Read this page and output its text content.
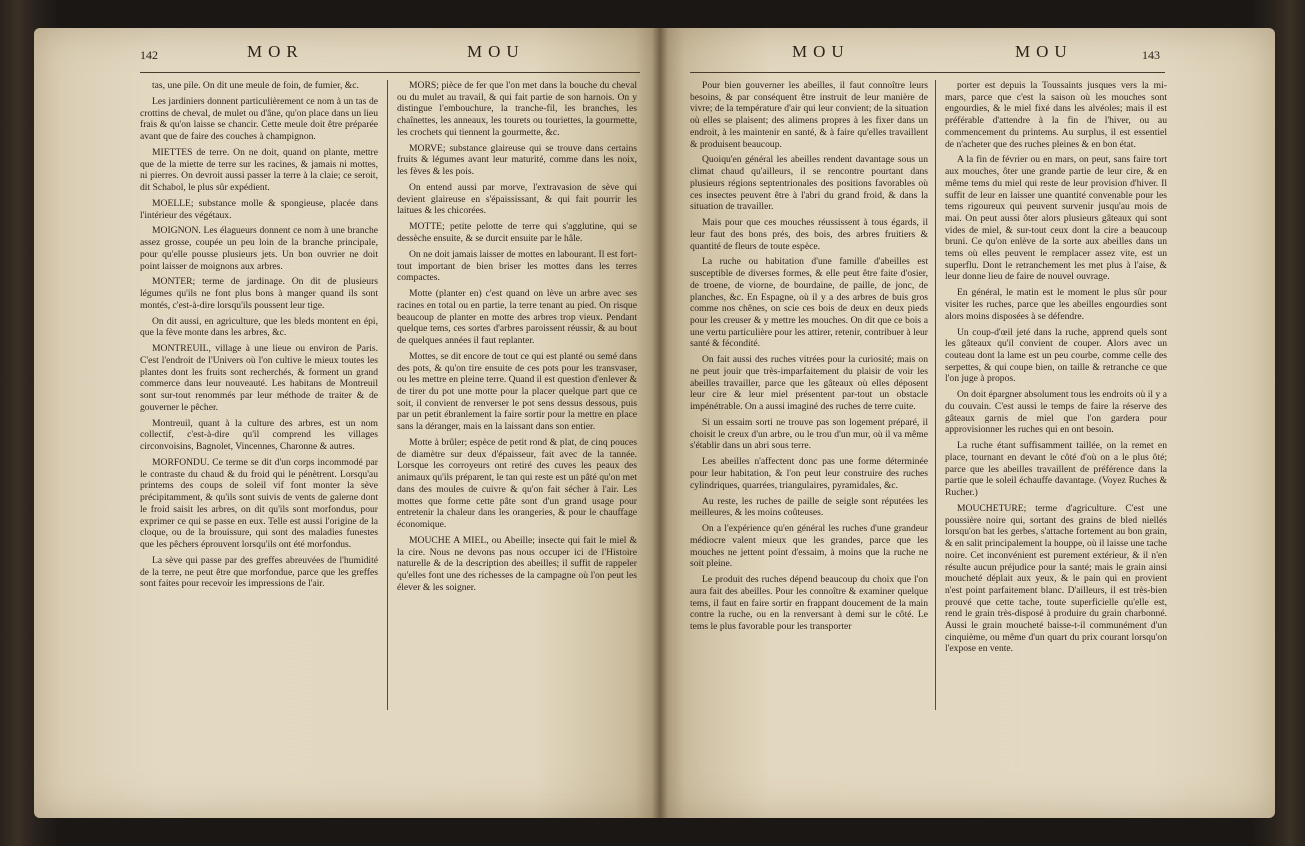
142	MOR	MOU	MOU	MOU	143

tas, une pile. On dit une meule de foin, de fumier, &c.

Les jardiniers donnent particulièrement ce nom à un tas de crottins de cheval, de mulet ou d'âne, qu'on place dans un lieu frais & qu'on laisse se chancir. Cette meule doit être préparée avant que de faire des couches à champignon.

MIETTES de terre. On ne doit, quand on plante, mettre que de la miette de terre sur les racines, & jamais ni mottes, ni pierres. On devroit aussi passer la terre à la claie; ce seroit, dit Schabol, le plus sûr expédient.

MOELLE; substance molle & spongieuse, placée dans l'intérieur des végétaux.

MOIGNON. Les élagueurs donnent ce nom à une branche assez grosse, coupée un peu loin de la branche principale, pour qu'elle pousse plusieurs jets. Un bon ouvrier ne doit point laisser de moignons aux arbres.

MONTER; terme de jardinage. On dit de plusieurs légumes qu'ils ne font plus bons à manger quand ils sont montés, c'est-à-dire lorsqu'ils poussent leur tige.

On dit aussi, en agriculture, que les bleds montent en épi, que la fève monte dans les arbres, &c.

MONTREUIL, village à une lieue ou environ de Paris. C'est l'endroit de l'Univers où l'on cultive le mieux toutes les plantes dont les fruits sont recherchés, & forment un grand commerce dans leur nouveauté. Les habitans de Montreuil sont sur-tout renommés par leur méthode de traiter & de gouverner le pêcher.

Montreuil, quant à la culture des arbres, est un nom collectif, c'est-à-dire qu'il comprend les villages circonvoisins, Bagnolet, Vincennes, Charonne & autres.

MORFONDU. Ce terme se dit d'un corps incommodé par le contraste du chaud & du froid qui le pénètrent. Lorsqu'au printems des coups de soleil vif font monter la sève précipitamment, & qu'ils sont suivis de vents de galerne dont le froid saisit les arbres, on dit qu'ils sont morfondus, pour exprimer ce qui se passe en eux. Telle est aussi l'origine de la cloque, ou de la brouissure, qui sont des maladies funestes que les pêchers éprouvent lorsqu'ils ont été morfondus.

La sève qui passe par des greffes abreuvées de l'humidité de la terre, ne peut être que morfondue, parce que les greffes sont faites pour recevoir les impressions de l'air.

MORS; pièce de fer que l'on met dans la bouche du cheval ou du mulet au travail, & qui fait partie de son harnois. On y distingue l'embouchure, la tranche-fil, les branches, les chaînettes, les anneaux, les tourets ou touriettes, la gourmette, les crochets qui tiennent la gourmette, &c.

MORVE; substance glaireuse qui se trouve dans certains fruits & légumes avant leur maturité, comme dans les noix, les fèves & les pois.

On entend aussi par morve, l'extravasion de sève qui devient glaireuse en s'épaississant, & qui fait pourrir les laitues & les chicorées.

MOTTE; petite pelotte de terre qui s'agglutine, qui se dessèche ensuite, & se durcit ensuite par le hâle.

On ne doit jamais laisser de mottes en labourant. Il est fort-tout important de bien briser les mottes dans les terres compactes.

Motte (planter en) c'est quand on lève un arbre avec ses racines en total ou en partie, la terre tenant au pied. On risque beaucoup de planter en motte des arbres trop vieux. Pendant quelque tems, ces sortes d'arbres paroissent réussir, & au bout de quelques années il faut replanter.

Mottes, se dit encore de tout ce qui est planté ou semé dans des pots, & qu'on tire ensuite de ces pots pour les transvaser, ou les mettre en pleine terre. Quand il est question d'enlever & de tirer du pot une motte pour la placer quelque part que ce soit, il convient de renverser le pot sens dessus dessous, puis par un petit ébranlement la faire sortir pour la mettre en place sans la déranger, mais en la laissant dans son entier.

Motte à brûler; espèce de petit rond & plat, de cinq pouces de diamètre sur deux d'épaisseur, fait avec de la tannée. Lorsque les corroyeurs ont retiré des cuves les peaux des animaux qu'ils préparent, le tan qui reste est un pâté qu'on met dans des moules de cuivre & qu'on fait sécher à l'air. Les mottes que forme cette pâte sont d'un grand usage pour entretenir la chaleur dans les orangeries, & pour le chauffage économique.

MOUCHE A MIEL, ou Abeille; insecte qui fait le miel & la cire. Nous ne devons pas nous occuper ici de l'Histoire naturelle & de la description des abeilles; il suffit de rappeler qu'elles font une des richesses de la campagne où l'on peut les élever & les soigner.

Pour bien gouverner les abeilles, il faut connoître leurs besoins, & par conséquent être instruit de leur manière de vivre; de la température d'air qui leur convient; de la situation où elles se plaisent; des alimens propres à les fixer dans un endroit, à les maintenir en santé, & à faire qu'elles travaillent & produisent beaucoup.

Quoiqu'en général les abeilles rendent davantage sous un climat chaud qu'ailleurs, il se rencontre pourtant dans plusieurs régions septentrionales des positions favorables où ces insectes peuvent être à l'abri du grand froid, & dans la situation de travailler.

Mais pour que ces mouches réussissent à tous égards, il leur faut des bons prés, des bois, des arbres fruitiers & quantité de fleurs de toute espèce.

La ruche ou habitation d'une famille d'abeilles est susceptible de diverses formes, & elle peut être faite d'osier, de troene, de viorne, de bourdaine, de paille, de jonc, de planches, &c. En Espagne, où il y a des arbres de buis gros comme nos chênes, on scie ces bois de deux en deux pieds pour les creuser & y mettre les mouches. On dit que ce bois a une vertu particulière pour les attirer, retenir, contribuer à leur santé & fécondité.

On fait aussi des ruches vitrées pour la curiosité; mais on ne peut jouir que très-imparfaitement du plaisir de voir les abeilles travailler, parce que les gâteaux où elles déposent leur cire & leur miel présentent par-tout un obstacle impénétrable. On a aussi imaginé des ruches de terre cuite.

Si un essaim sorti ne trouve pas son logement préparé, il choisit le creux d'un arbre, ou le trou d'un mur, où il va même s'établir dans un abri sous terre.

Les abeilles n'affectent donc pas une forme déterminée pour leur habitation, & l'on peut leur construire des ruches cylindriques, quarrées, triangulaires, pyramidales, &c.

Au reste, les ruches de paille de seigle sont réputées les meilleures, & les moins coûteuses.

On a l'expérience qu'en général les ruches d'une grandeur médiocre valent mieux que les grandes, parce que les mouches ne jettent point d'essaim, à moins que la ruche ne soit pleine.

Le produit des ruches dépend beaucoup du choix que l'on aura fait des abeilles. Pour les connoître & examiner quelque tems, il faut en faire sortir en frappant doucement de la main contre la ruche, ou en la renversant à demi sur le côté. Le tems le plus favorable pour les transporter

porter est depuis la Toussaints jusques vers la mi-mars, parce que c'est la saison où les mouches sont engourdies, & le miel fixé dans les alvéoles; mais il est préférable d'attendre à la fin de l'hiver, ou au commencement du printems. Au surplus, il est essentiel de n'acheter que des ruches pleines & en bon état.

A la fin de février ou en mars, on peut, sans faire tort aux mouches, ôter une grande partie de leur cire, & en même tems du miel qui reste de leur provision d'hiver. Il suffit de leur en laisser une quantité convenable pour les tems rigoureux qui peuvent survenir jusqu'au mois de mai. On peut aussi ôter alors plusieurs gâteaux qui sont vides de miel, & sur-tout ceux dont la cire a beaucoup bruni. Ce qu'on enlève de la sorte aux abeilles dans un tems où elles peuvent le remplacer assez vite, est un superflu. Dont le retranchement les met plus à l'aise, & leur donne lieu de faire de nouvel ouvrage.

En général, le matin est le moment le plus sûr pour visiter les ruches, parce que les abeilles engourdies sont alors moins disposées à se défendre.

Un coup-d'œil jeté dans la ruche, apprend quels sont les gâteaux qu'il convient de couper. Alors avec un couteau dont la lame est un peu courbe, comme celle des serpettes, & qui coupe bien, on taille & retranche ce que l'on juge à propos.

On doit épargner absolument tous les endroits où il y a du couvain. C'est aussi le temps de faire la réserve des gâteaux garnis de miel que l'on gardera pour approvisionner les ruches qui en ont besoin.

La ruche étant suffisamment taillée, on la remet en place, tournant en devant le côté d'où on a le plus ôté; parce que les abeilles travaillent de préférence dans la partie que le soleil échauffe davantage. (Voyez Ruches & Rucher.)

MOUCHETURE; terme d'agriculture. C'est une poussière noire qui, sortant des grains de bled niellés lorsqu'on bat les gerbes, s'attache fortement au bon grain, & en salit principalement la houppe, où il laisse une tache noire. Cet inconvénient est purement extérieur, & il n'en résulte aucun préjudice pour la santé; mais le grain ainsi moucheté déplait aux yeux, & le pain qui en provient n'est point parfaitement blanc. D'ailleurs, il est très-bien prouvé que cette tache, toute superficielle qu'elle est, rend le grain très-disposé à produire du grain charbonné. Aussi le grain moucheté baisse-t-il communément d'un cinquième, ou même d'un quart du prix courant lorsqu'on l'expose en vente.
